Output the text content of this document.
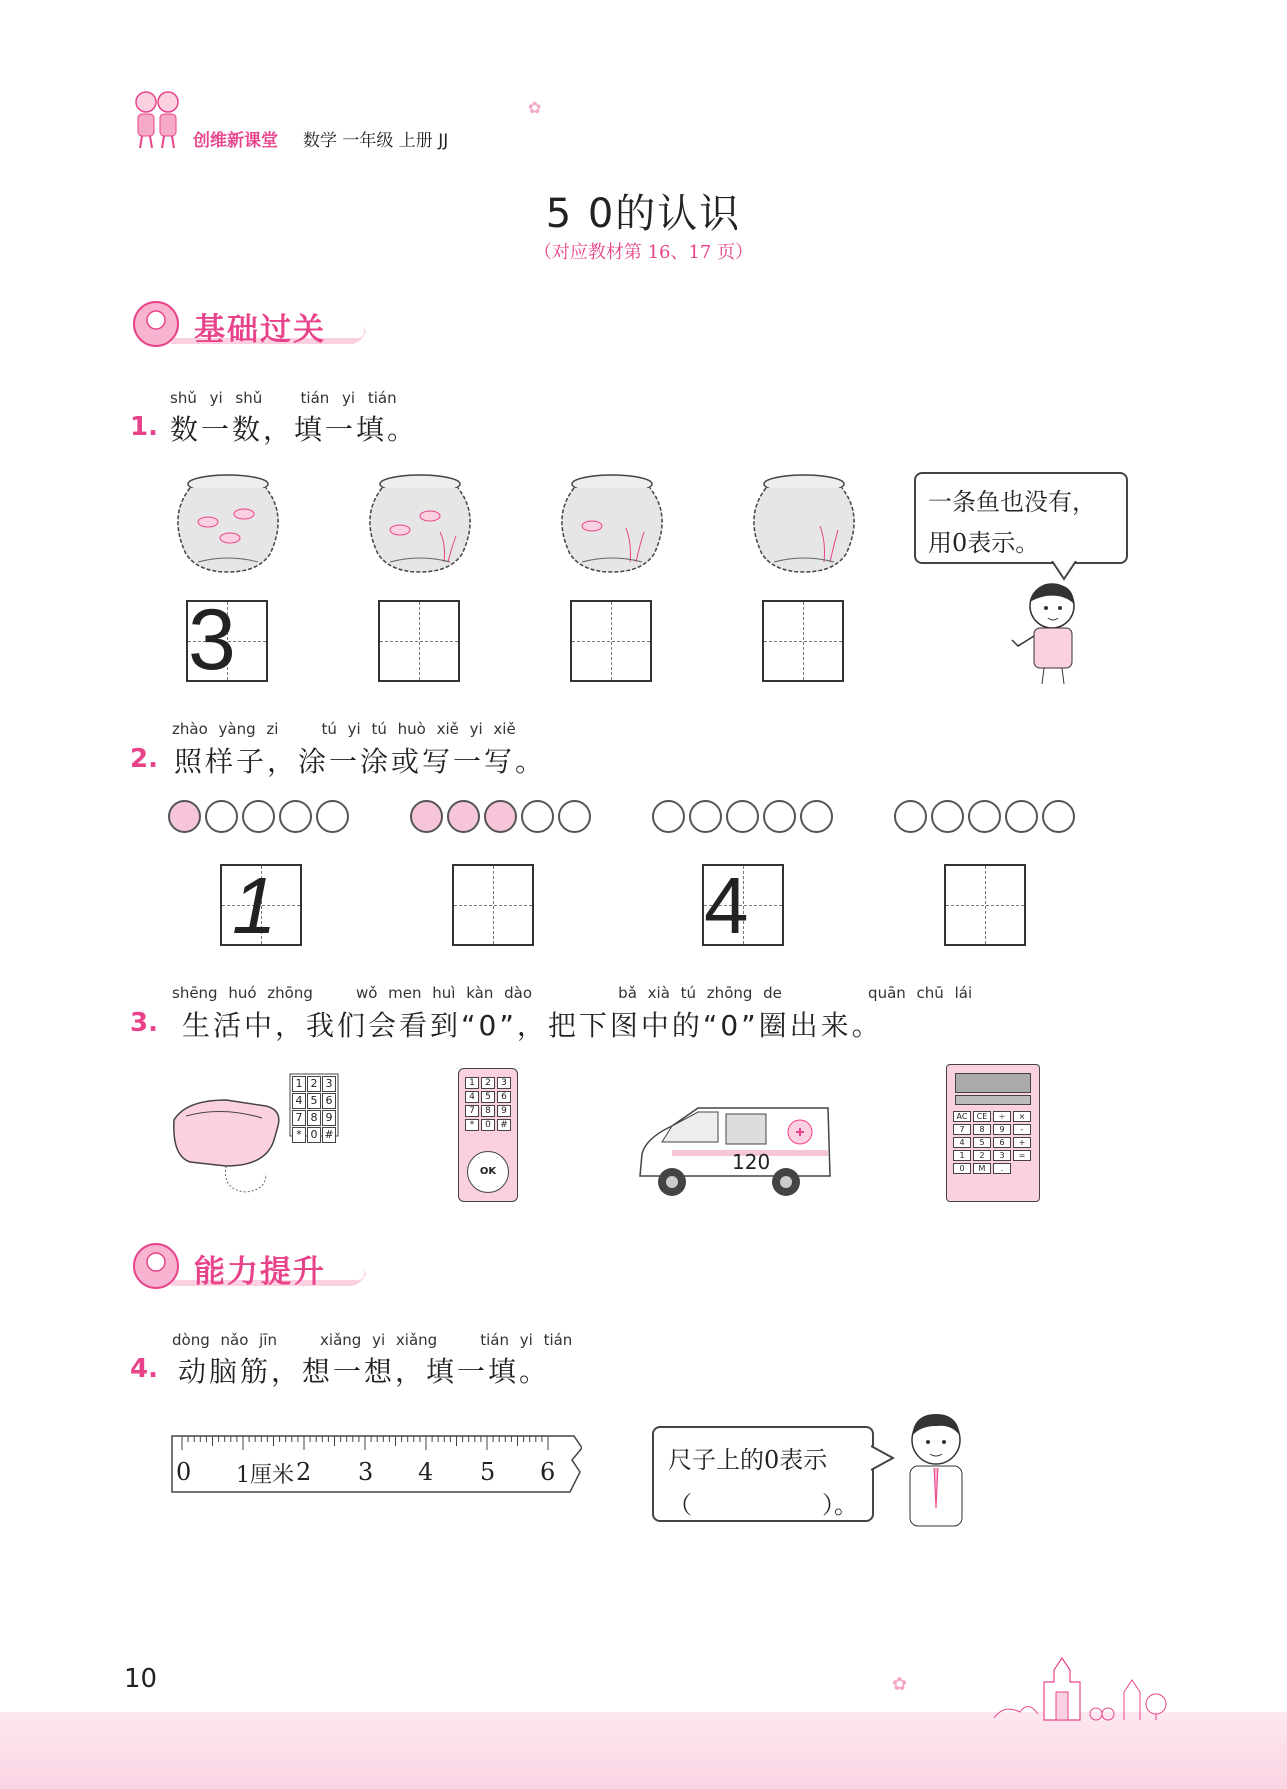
创维新课堂 数学 一年级 上册 JJ
✿
5 0的认识
（对应教材第 16、17 页）
基础过关
shǔ yi shǔ   tián yi tián
1. 数一数，填一填。
3
一条鱼也没有，
用0表示。
zhào yàng zi    tú yi tú huò xiě yi xiě
2. 照样子，涂一涂或写一写。
1	4
shēng huó zhōng    wǒ men huì kàn dào        bǎ xià tú zhōng de        quān chū lái
3. 生活中，我们会看到“0”，把下图中的“0”圈出来。
1 2 3
4 5 6
7 8 9
* 0 #
1	2	3
4	5	6
7	8	9
*	0	#
OK	120
AC	CE	÷	×
7	8	9	-
4	5	6	+
1	2	3	=
0	M	.
能力提升
dòng nǎo jīn    xiǎng yi xiǎng    tián yi tián
4. 动脑筋，想一想，填一填。
0 1厘米 2 3 4 5 6	尺子上的0表示
（	）。
10	✿
